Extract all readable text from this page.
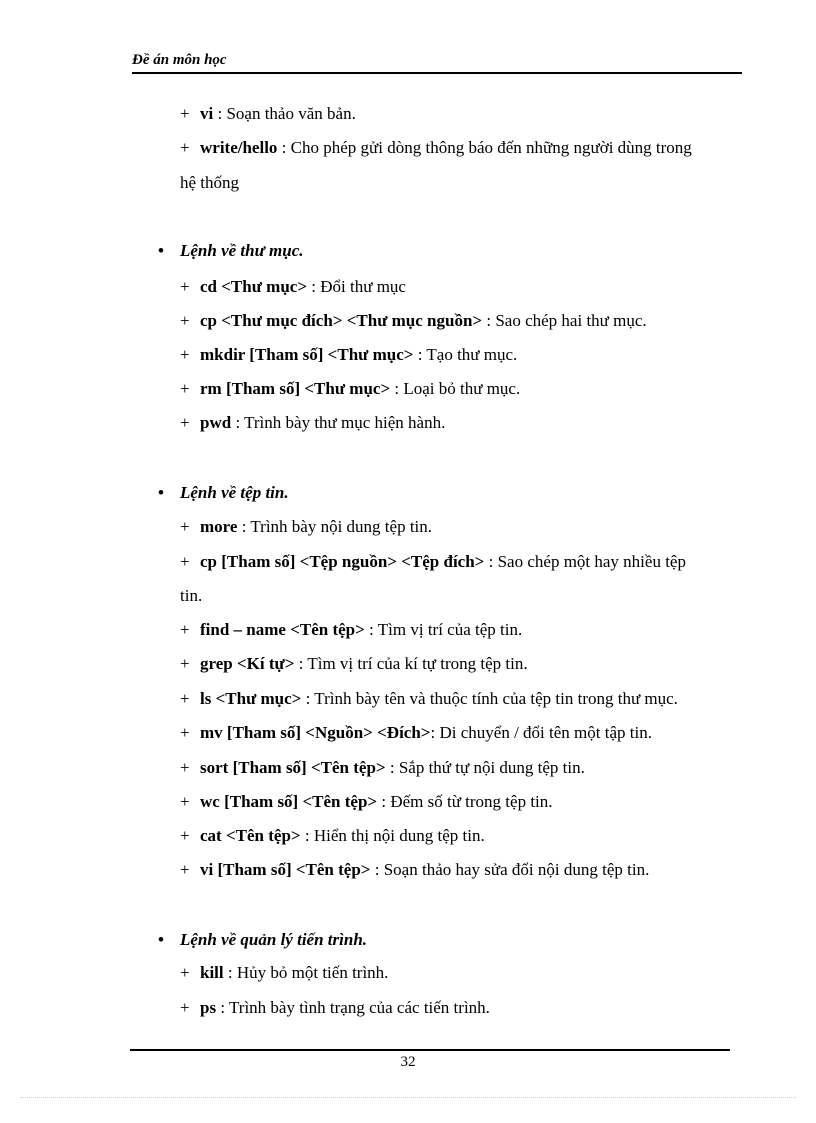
Đề án môn học
+ vi : Soạn thảo văn bản.
+ write/hello : Cho phép gửi dòng thông báo đến những người dùng trong
hệ thống
• Lệnh về thư mục.
+ cd <Thư mục> : Đổi thư mục
+ cp <Thư mục đích> <Thư mục nguồn> : Sao chép hai thư mục.
+ mkdir [Tham số] <Thư mục> : Tạo thư mục.
+ rm [Tham số] <Thư mục> : Loại bỏ thư mục.
+ pwd : Trình bày thư mục hiện hành.
• Lệnh về tệp tin.
+ more : Trình bày nội dung tệp tin.
+ cp [Tham số] <Tệp nguồn> <Tệp đích> : Sao chép một hay nhiều tệp
tin.
+ find – name <Tên tệp> : Tìm vị trí của tệp tin.
+ grep <Kí tự> : Tìm vị trí của kí tự trong tệp tin.
+ ls <Thư mục> : Trình bày tên và thuộc tính của tệp tin trong thư mục.
+ mv [Tham số] <Nguồn> <Đích>: Di chuyển / đổi tên một tập tin.
+ sort [Tham số] <Tên tệp> : Sắp thứ tự nội dung tệp tin.
+ wc [Tham số] <Tên tệp> : Đếm số từ trong tệp tin.
+ cat <Tên tệp> : Hiển thị nội dung tệp tin.
+ vi [Tham số] <Tên tệp> : Soạn thảo hay sửa đổi nội dung tệp tin.
• Lệnh về quản lý tiến trình.
+ kill : Hủy bỏ một tiến trình.
+ ps : Trình bày tình trạng của các tiến trình.
32
